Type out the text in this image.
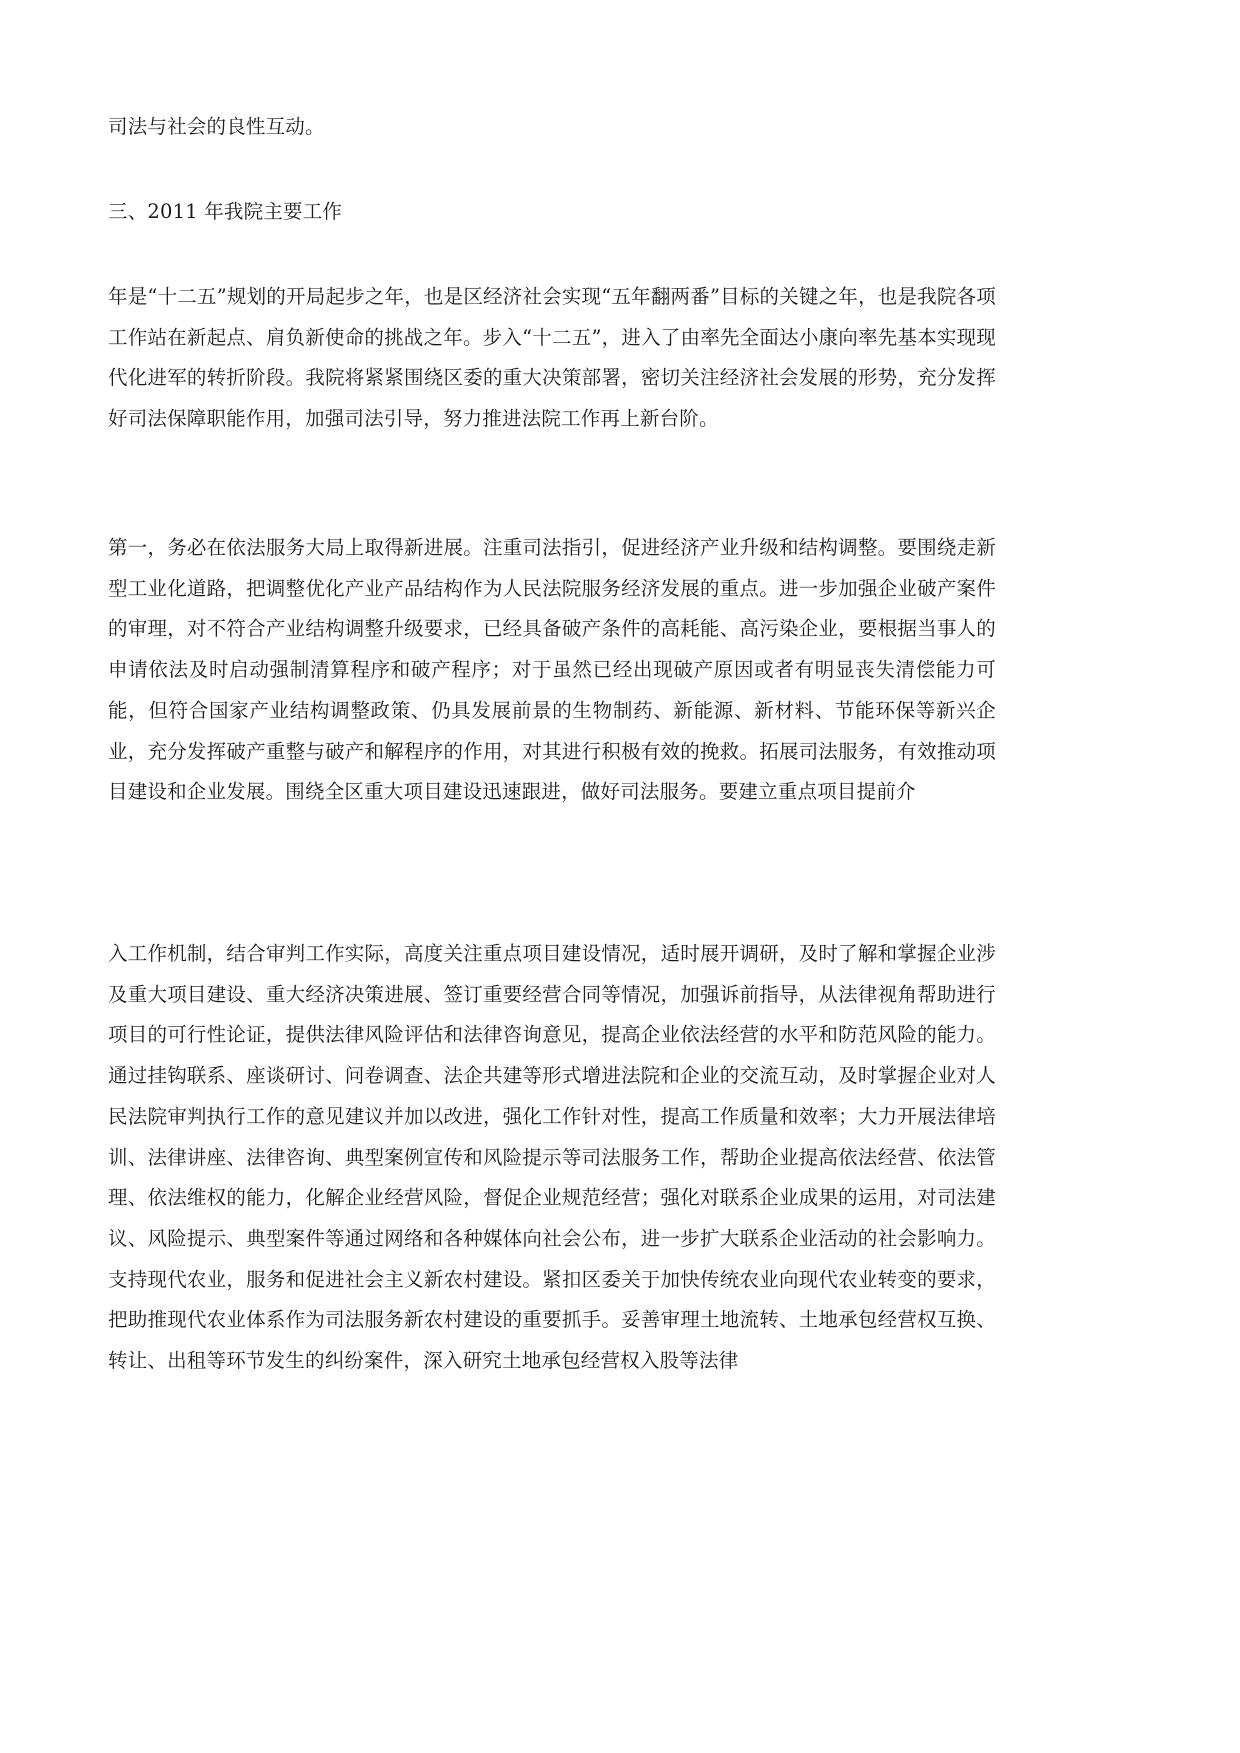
司法与社会的良性互动。

三、2011 年我院主要工作

年是“十二五”规划的开局起步之年，也是区经济社会实现“五年翻两番”目标的关键之年，也是我院各项工作站在新起点、肩负新使命的挑战之年。步入“十二五”，进入了由率先全面达小康向率先基本实现现代化进军的转折阶段。我院将紧紧围绕区委的重大决策部署，密切关注经济社会发展的形势，充分发挥好司法保障职能作用，加强司法引导，努力推进法院工作再上新台阶。

第一，务必在依法服务大局上取得新进展。注重司法指引，促进经济产业升级和结构调整。要围绕走新型工业化道路，把调整优化产业产品结构作为人民法院服务经济发展的重点。进一步加强企业破产案件的审理，对不符合产业结构调整升级要求，已经具备破产条件的高耗能、高污染企业，要根据当事人的申请依法及时启动强制清算程序和破产程序；对于虽然已经出现破产原因或者有明显丧失清偿能力可能，但符合国家产业结构调整政策、仍具发展前景的生物制药、新能源、新材料、节能环保等新兴企业，充分发挥破产重整与破产和解程序的作用，对其进行积极有效的挽救。拓展司法服务，有效推动项目建设和企业发展。围绕全区重大项目建设迅速跟进，做好司法服务。要建立重点项目提前介

入工作机制，结合审判工作实际，高度关注重点项目建设情况，适时展开调研，及时了解和掌握企业涉及重大项目建设、重大经济决策进展、签订重要经营合同等情况，加强诉前指导，从法律视角帮助进行项目的可行性论证，提供法律风险评估和法律咨询意见，提高企业依法经营的水平和防范风险的能力。通过挂钩联系、座谈研讨、问卷调查、法企共建等形式增进法院和企业的交流互动，及时掌握企业对人民法院审判执行工作的意见建议并加以改进，强化工作针对性，提高工作质量和效率；大力开展法律培训、法律讲座、法律咨询、典型案例宣传和风险提示等司法服务工作，帮助企业提高依法经营、依法管理、依法维权的能力，化解企业经营风险，督促企业规范经营；强化对联系企业成果的运用，对司法建议、风险提示、典型案件等通过网络和各种媒体向社会公布，进一步扩大联系企业活动的社会影响力。支持现代农业，服务和促进社会主义新农村建设。紧扣区委关于加快传统农业向现代农业转变的要求，把助推现代农业体系作为司法服务新农村建设的重要抓手。妥善审理土地流转、土地承包经营权互换、转让、出租等环节发生的纠纷案件，深入研究土地承包经营权入股等法律
